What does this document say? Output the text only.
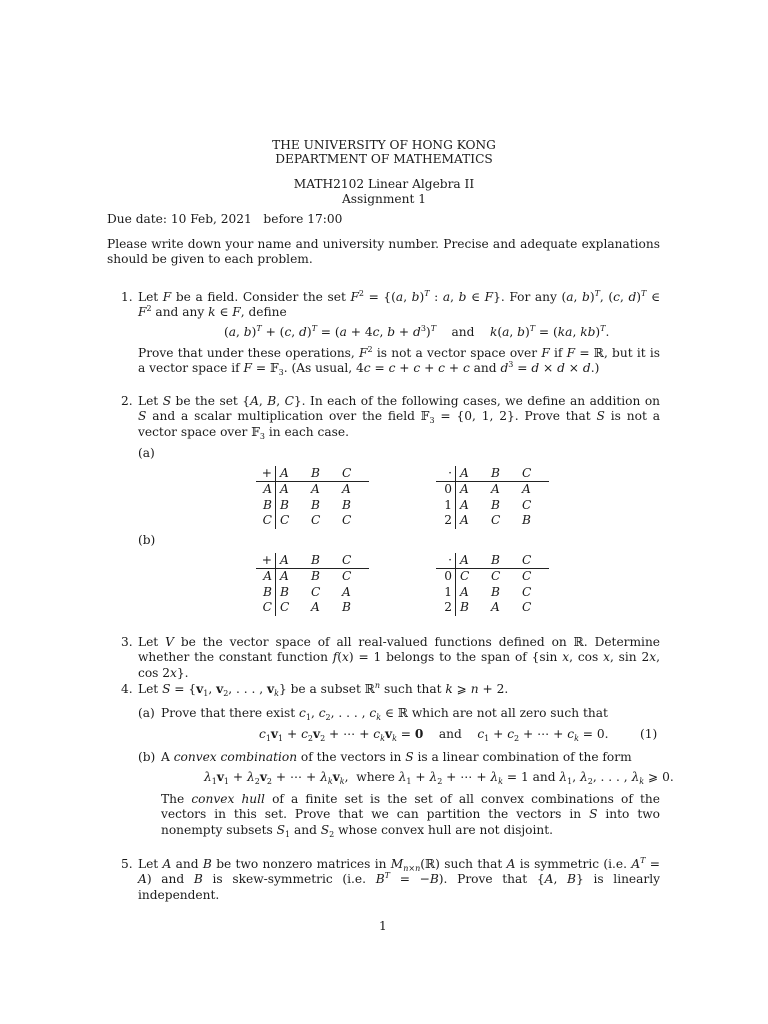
THE UNIVERSITY OF HONG KONG
DEPARTMENT OF MATHEMATICS
MATH2102 Linear Algebra II
Assignment 1
Due date: 10 Feb, 2021   before 17:00
Please write down your name and university number. Precise and adequate explanations should be given to each problem.
1. Let F be a field. Consider the set $F^2 = \{(a$, b)$^T$ : a, b ∈ F}. For any (a, b)$^T$, (c, d)$^T$ ∈ $F^2$ and any k ∈ F, define
(a, b)$^T$ + (c, d)$^T$ = (a + 4c, $b + d^3)^T$    and    k(a, b)$^T$ = (ka, kb)$^T$.
Prove that under these operations, $F^2$ is not a vector space over F if F = ℝ, but it is a vector space if F = 𝔽$_3$. (As usual, 4c = c + c + c + c and $d^3 = d \times d \times d$.)
2. Let S be the set {A, B, C}. In each of the following cases, we define an addition on S and a scalar multiplication over the field 𝔽$_3$ = {0, 1, 2}. Prove that S is not a vector space over 𝔽$_3$ in each case.
(a)
+	A	B	C
A	A	A	A
B	B	B	B
C	C	C	C
·	A	B	C
0	A	A	A
1	A	B	C
2	A	C	B
(b)
+	A	B	C
A	A	B	C
B	B	C	A
C	C	A	B
·	A	B	C
0	C	C	C
1	A	B	C
2	B	A	C
3. Let V be the vector space of all real-valued functions defined on ℝ. Determine whether the constant function f(x) = 1 belongs to the span of {sin x, cos x, sin 2x, cos 2x}.
4. Let $S = \{v_1$, $v_2$, . . . , $v_k$} be a subset ℝ$^n$ such that k ⩾ n + 2.
(a) Prove that there exist $c_1$, $c_2$, . . . , $c_k$ ∈ ℝ which are not all zero such that
$c_1v_1 + c_2v_2$ + ⋯ + $c_kv_k = 0$    and    $c_1 + c_2$ + ⋯ + $c_k = 0$.	(1)
(b) A convex combination of the vectors in S is a linear combination of the form
$\lambda_1v_1 + \lambda_2v_2$ + ⋯ + $\lambda_kv_k$,  where $\lambda_1 + \lambda_2$ + ⋯ + $\lambda_k = 1$ and $\lambda_1$, $\lambda_2$, . . . , $\lambda_k$ ⩾ 0.
The convex hull of a finite set is the set of all convex combinations of the vectors in this set. Prove that we can partition the vectors in S into two nonempty subsets $S_1$ and $S_2$ whose convex hull are not disjoint.
5. Let A and B be two nonzero matrices in $M_{n\times n}(ℝ)$ such that A is symmetric (i.e. $A^T = A$) and B is skew-symmetric (i.e. $B^T = -B$). Prove that {A, B} is linearly independent.
1
